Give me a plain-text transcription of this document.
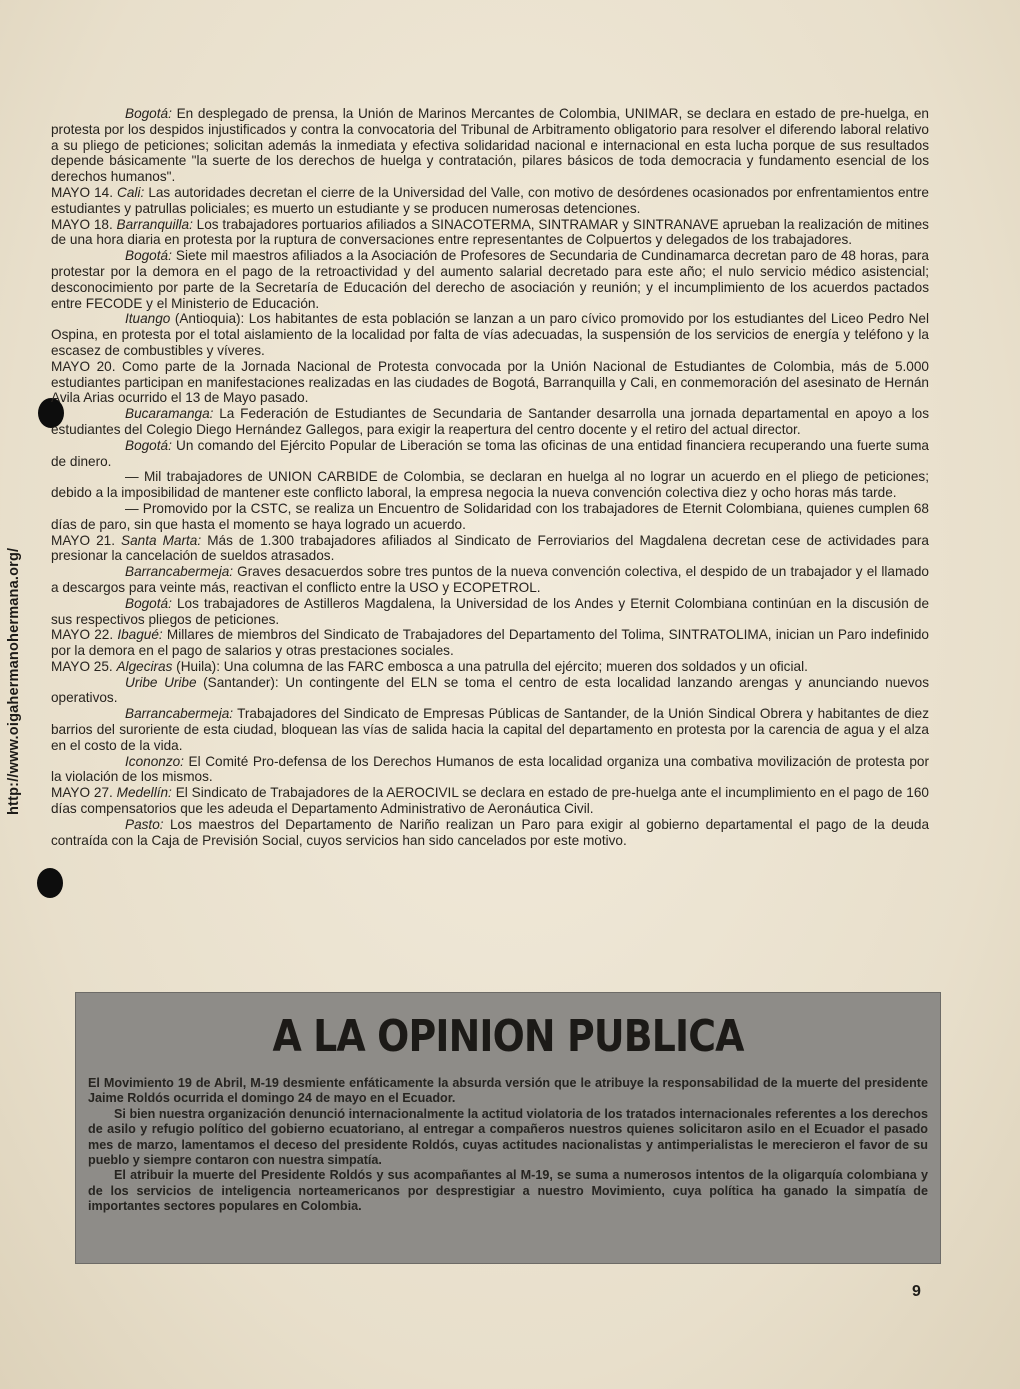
http://www.oigahermanohermana.org/

Bogotá: En desplegado de prensa, la Unión de Marinos Mercantes de Colombia, UNIMAR, se declara en estado de pre-huelga, en protesta por los despidos injustificados y contra la convocatoria del Tribunal de Arbitramento obligatorio para resolver el diferendo laboral relativo a su pliego de peticiones; solicitan además la inmediata y efectiva solidaridad nacional e internacional en esta lucha porque de sus resultados depende básicamente "la suerte de los derechos de huelga y contratación, pilares básicos de toda democracia y fundamento esencial de los derechos humanos".

MAYO 14. Cali: Las autoridades decretan el cierre de la Universidad del Valle, con motivo de desórdenes ocasionados por enfrentamientos entre estudiantes y patrullas policiales; es muerto un estudiante y se producen numerosas detenciones.

MAYO 18. Barranquilla: Los trabajadores portuarios afiliados a SINACOTERMA, SINTRAMAR y SINTRANAVE aprueban la realización de mitines de una hora diaria en protesta por la ruptura de conversaciones entre representantes de Colpuertos y delegados de los trabajadores.

Bogotá: Siete mil maestros afiliados a la Asociación de Profesores de Secundaria de Cundinamarca decretan paro de 48 horas, para protestar por la demora en el pago de la retroactividad y del aumento salarial decretado para este año; el nulo servicio médico asistencial; desconocimiento por parte de la Secretaría de Educación del derecho de asociación y reunión; y el incumplimiento de los acuerdos pactados entre FECODE y el Ministerio de Educación.

Ituango (Antioquia): Los habitantes de esta población se lanzan a un paro cívico promovido por los estudiantes del Liceo Pedro Nel Ospina, en protesta por el total aislamiento de la localidad por falta de vías adecuadas, la suspensión de los servicios de energía y teléfono y la escasez de combustibles y víveres.

MAYO 20. Como parte de la Jornada Nacional de Protesta convocada por la Unión Nacional de Estudiantes de Colombia, más de 5.000 estudiantes participan en manifestaciones realizadas en las ciudades de Bogotá, Barranquilla y Cali, en conmemoración del asesinato de Hernán Avila Arias ocurrido el 13 de Mayo pasado.

Bucaramanga: La Federación de Estudiantes de Secundaria de Santander desarrolla una jornada departamental en apoyo a los estudiantes del Colegio Diego Hernández Gallegos, para exigir la reapertura del centro docente y el retiro del actual director.

Bogotá: Un comando del Ejército Popular de Liberación se toma las oficinas de una entidad financiera recuperando una fuerte suma de dinero.

— Mil trabajadores de UNION CARBIDE de Colombia, se declaran en huelga al no lograr un acuerdo en el pliego de peticiones; debido a la imposibilidad de mantener este conflicto laboral, la empresa negocia la nueva convención colectiva diez y ocho horas más tarde.

— Promovido por la CSTC, se realiza un Encuentro de Solidaridad con los trabajadores de Eternit Colombiana, quienes cumplen 68 días de paro, sin que hasta el momento se haya logrado un acuerdo.

MAYO 21. Santa Marta: Más de 1.300 trabajadores afiliados al Sindicato de Ferroviarios del Magdalena decretan cese de actividades para presionar la cancelación de sueldos atrasados.

Barrancabermeja: Graves desacuerdos sobre tres puntos de la nueva convención colectiva, el despido de un trabajador y el llamado a descargos para veinte más, reactivan el conflicto entre la USO y ECOPETROL.

Bogotá: Los trabajadores de Astilleros Magdalena, la Universidad de los Andes y Eternit Colombiana continúan en la discusión de sus respectivos pliegos de peticiones.

MAYO 22. Ibagué: Millares de miembros del Sindicato de Trabajadores del Departamento del Tolima, SINTRATOLIMA, inician un Paro indefinido por la demora en el pago de salarios y otras prestaciones sociales.

MAYO 25. Algeciras (Huila): Una columna de las FARC embosca a una patrulla del ejército; mueren dos soldados y un oficial.

Uribe Uribe (Santander): Un contingente del ELN se toma el centro de esta localidad lanzando arengas y anunciando nuevos operativos.

Barrancabermeja: Trabajadores del Sindicato de Empresas Públicas de Santander, de la Unión Sindical Obrera y habitantes de diez barrios del suroriente de esta ciudad, bloquean las vías de salida hacia la capital del departamento en protesta por la carencia de agua y el alza en el costo de la vida.

Icononzo: El Comité Pro-defensa de los Derechos Humanos de esta localidad organiza una combativa movilización de protesta por la violación de los mismos.

MAYO 27. Medellín: El Sindicato de Trabajadores de la AEROCIVIL se declara en estado de pre-huelga ante el incumplimiento en el pago de 160 días compensatorios que les adeuda el Departamento Administrativo de Aeronáutica Civil.

Pasto: Los maestros del Departamento de Nariño realizan un Paro para exigir al gobierno departamental el pago de la deuda contraída con la Caja de Previsión Social, cuyos servicios han sido cancelados por este motivo.

A LA OPINION PUBLICA

El Movimiento 19 de Abril, M-19 desmiente enfáticamente la absurda versión que le atribuye la responsabilidad de la muerte del presidente Jaime Roldós ocurrida el domingo 24 de mayo en el Ecuador.

Si bien nuestra organización denunció internacionalmente la actitud violatoria de los tratados internacionales referentes a los derechos de asilo y refugio político del gobierno ecuatoriano, al entregar a compañeros nuestros quienes solicitaron asilo en el Ecuador el pasado mes de marzo, lamentamos el deceso del presidente Roldós, cuyas actitudes nacionalistas y antimperialistas le merecieron el favor de su pueblo y siempre contaron con nuestra simpatía.

El atribuir la muerte del Presidente Roldós y sus acompañantes al M-19, se suma a numerosos intentos de la oligarquía colombiana y de los servicios de inteligencia norteamericanos por desprestigiar a nuestro Movimiento, cuya política ha ganado la simpatía de importantes sectores populares en Colombia.

9
